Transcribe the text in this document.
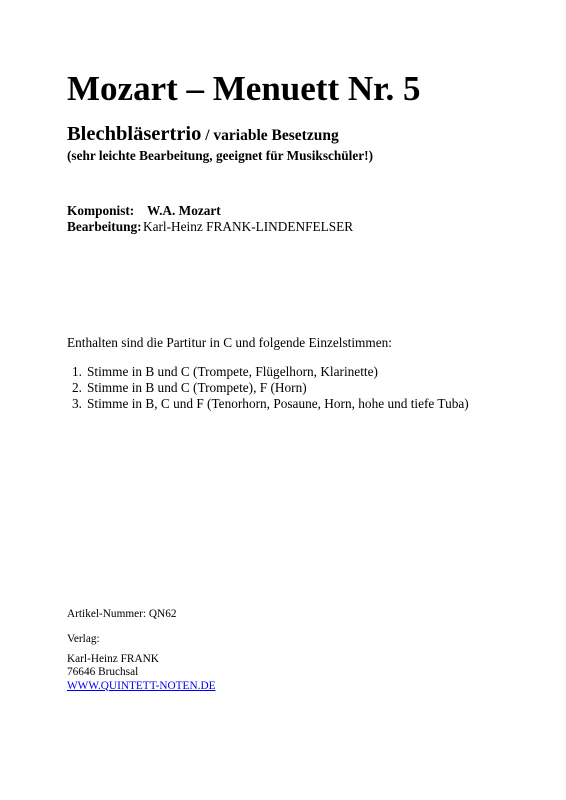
Mozart – Menuett Nr. 5

Blechbläsertrio / variable Besetzung

(sehr leichte Bearbeitung, geeignet für Musikschüler!)

Komponist: W.A. Mozart
Bearbeitung:Karl-Heinz FRANK-LINDENFELSER

Enthalten sind die Partitur in C und folgende Einzelstimmen:

1. Stimme in B und C (Trompete, Flügelhorn, Klarinette)
2. Stimme in B und C (Trompete), F (Horn)
3. Stimme in B, C und F (Tenorhorn, Posaune, Horn, hohe und tiefe Tuba)

Artikel-Nummer: QN62

Verlag:
Karl-Heinz FRANK
76646 Bruchsal
WWW.QUINTETT-NOTEN.DE
